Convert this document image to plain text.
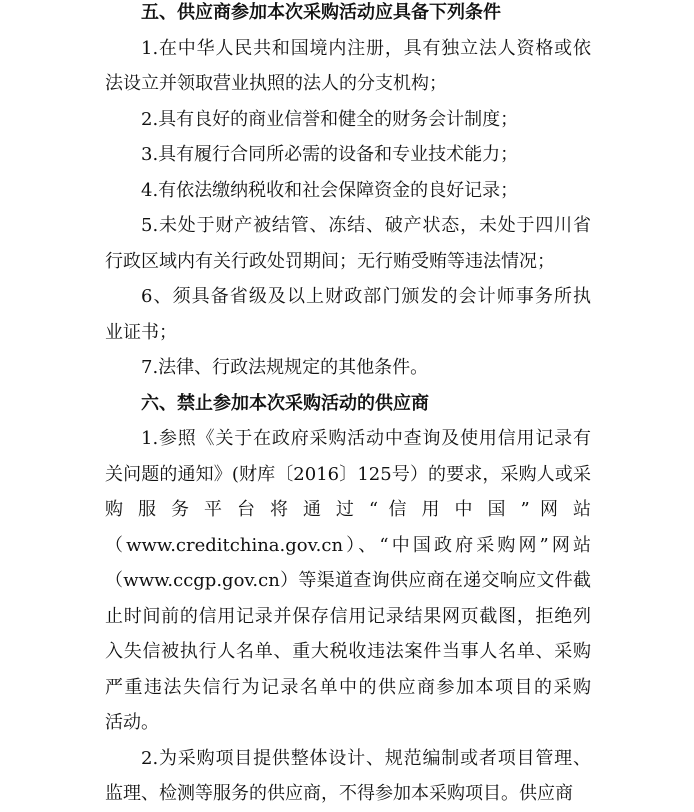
五、供应商参加本次采购活动应具备下列条件
1.在中华人民共和国境内注册，具有独立法人资格或依
法设立并领取营业执照的法人的分支机构；
2.具有良好的商业信誉和健全的财务会计制度；
3.具有履行合同所必需的设备和专业技术能力；
4.有依法缴纳税收和社会保障资金的良好记录；
5.未处于财产被结管、冻结、破产状态，未处于四川省
行政区域内有关行政处罚期间；无行贿受贿等违法情况；
6、须具备省级及以上财政部门颁发的会计师事务所执
业证书；
7.法律、行政法规规定的其他条件。
六、禁止参加本次采购活动的供应商
1.参照《关于在政府采购活动中查询及使用信用记录有
关问题的通知》(财库〔2016〕125号）的要求，采购人或采
购 服 务 平 台 将 通 过 “ 信 用 中 国 ” 网 站
（www.creditchina.gov.cn）、“中国政府采购网”网站
（www.ccgp.gov.cn）等渠道查询供应商在递交响应文件截
止时间前的信用记录并保存信用记录结果网页截图，拒绝列
入失信被执行人名单、重大税收违法案件当事人名单、采购
严重违法失信行为记录名单中的供应商参加本项目的采购
活动。
2.为采购项目提供整体设计、规范编制或者项目管理、
监理、检测等服务的供应商，不得参加本采购项目。供应商
